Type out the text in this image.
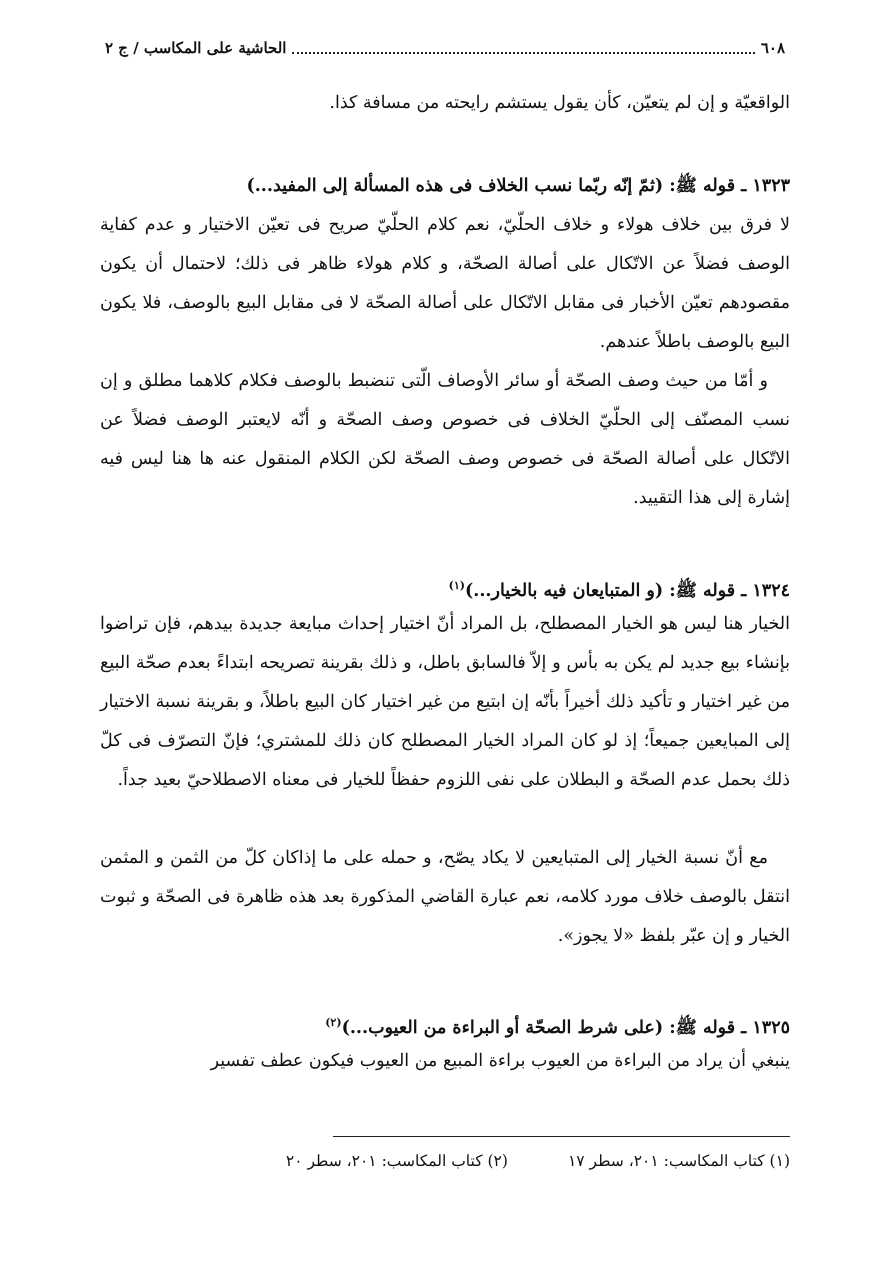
الحاشية على المكاسب / ج ٢	٦٠٨

الواقعيّة و إن لم يتعيّن، كأن يقول يستشم رايحته من مسافة كذا.

١٣٢٣ ـ قوله ﷺ: (ثمّ إنّه ربّما نسب الخلاف فى هذه المسألة إلى المفيد...)

لا فرق بين خلاف هولاء و خلاف الحلّيّ، نعم كلام الحلّيّ صريح فى تعيّن الاختيار و عدم كفاية الوصف فضلاً عن الاتّكال على أصالة الصحّة، و كلام هولاء ظاهر فى ذلك؛ لاحتمال أن يكون مقصودهم تعيّن الأخبار فى مقابل الاتّكال على أصالة الصحّة لا فى مقابل البيع بالوصف، فلا يكون البيع بالوصف باطلاً عندهم.

و أمّا من حيث وصف الصحّة أو سائر الأوصاف الّتى تنضبط بالوصف فكلام كلاهما مطلق و إن نسب المصنّف إلى الحلّيّ الخلاف فى خصوص وصف الصحّة و أنّه لايعتبر الوصف فضلاً عن الاتّكال على أصالة الصحّة فى خصوص وصف الصحّة لكن الكلام المنقول عنه ها هنا ليس فيه إشارة إلى هذا التقييد.

١٣٢٤ ـ قوله ﷺ: (و المتبايعان فيه بالخيار...)$^{(١)}$

الخيار هنا ليس هو الخيار المصطلح، بل المراد أنّ اختيار إحداث مبايعة جديدة بيدهم، فإن تراضوا بإنشاء بيع جديد لم يكن به بأس و إلاّ فالسابق باطل، و ذلك بقرينة تصريحه ابتداءً بعدم صحّة البيع من غير اختيار و تأكيد ذلك أخيراً بأنّه إن ابتيع من غير اختيار كان البيع باطلاً، و بقرينة نسبة الاختيار إلى المبايعين جميعاً؛ إذ لو كان المراد الخيار المصطلح كان ذلك للمشتري؛ فإنّ التصرّف فى كلّ ذلك بحمل عدم الصحّة و البطلان على نفى اللزوم حفظاً للخيار فى معناه الاصطلاحيّ بعيد جداً.

مع أنّ نسبة الخيار إلى المتبايعين لا يكاد يصّح، و حمله على ما إذاكان كلّ من الثمن و المثمن انتقل بالوصف خلاف مورد كلامه، نعم عبارة القاضي المذكورة بعد هذه ظاهرة فى الصحّة و ثبوت الخيار و إن عبّر بلفظ «لا يجوز».

١٣٢٥ ـ قوله ﷺ: (على شرط الصحّة أو البراءة من العيوب...)$^{(٢)}$

ينبغي أن يراد من البراءة من العيوب براءة المبيع من العيوب فيكون عطف تفسير

(١) كتاب المكاسب: ٢٠١، سطر ١٧
(٢) كتاب المكاسب: ٢٠١، سطر ٢٠
